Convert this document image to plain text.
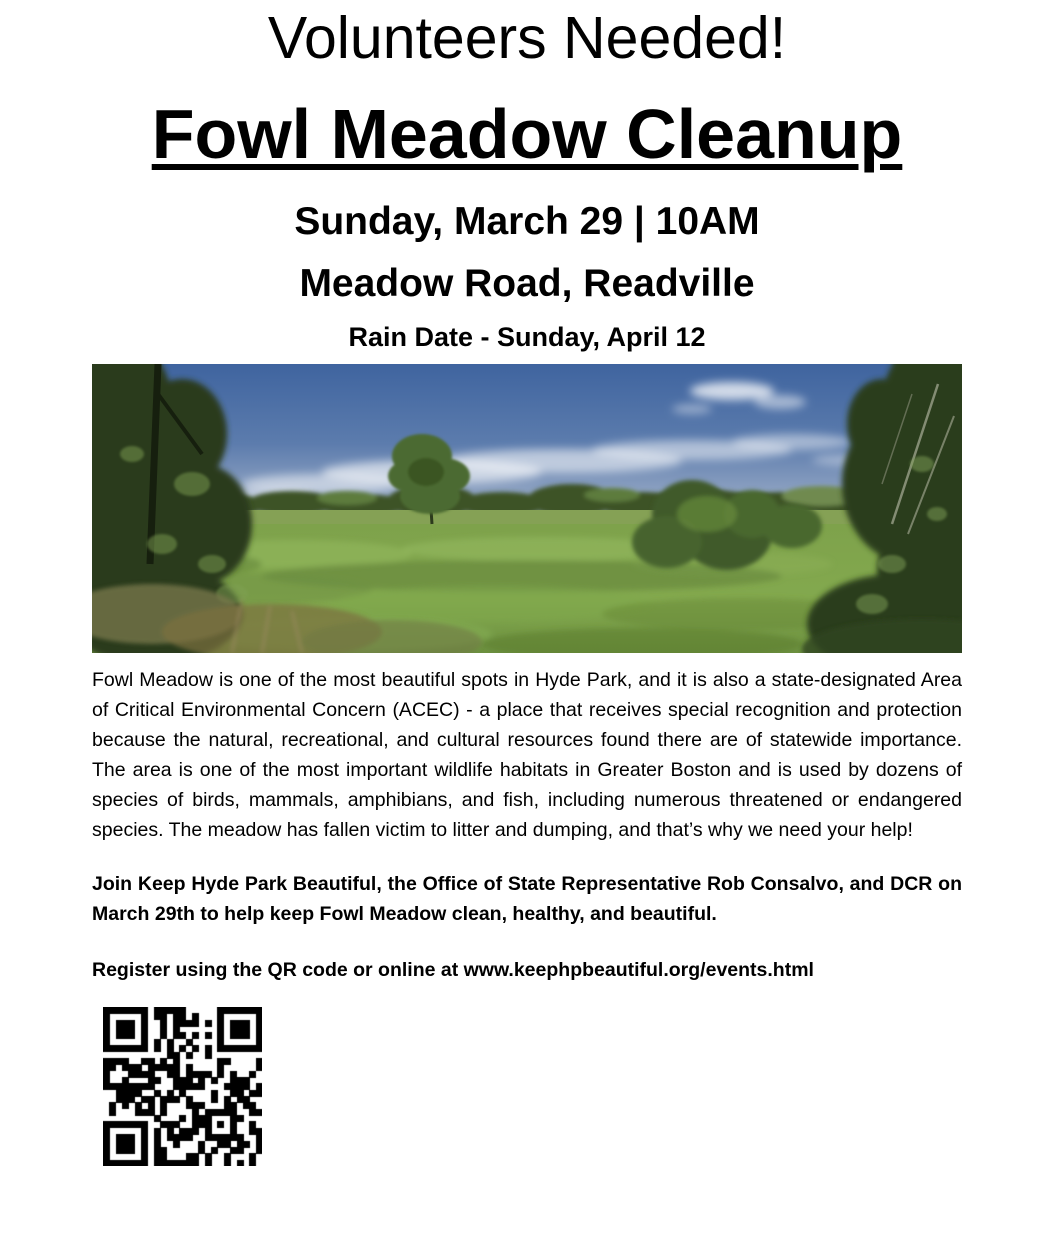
Volunteers Needed!
Fowl Meadow Cleanup
Sunday, March 29 | 10AM
Meadow Road, Readville
Rain Date - Sunday, April 12

Fowl Meadow is one of the most beautiful spots in Hyde Park, and it is also a state-designated Area of Critical Environmental Concern (ACEC) - a place that receives special recognition and protection because the natural, recreational, and cultural resources found there are of statewide importance. The area is one of the most important wildlife habitats in Greater Boston and is used by dozens of species of birds, mammals, amphibians, and fish, including numerous threatened or endangered species. The meadow has fallen victim to litter and dumping, and that’s why we need your help!

Join Keep Hyde Park Beautiful, the Office of State Representative Rob Consalvo, and DCR on March 29th to help keep Fowl Meadow clean, healthy, and beautiful.

Register using the QR code or online at www.keephpbeautiful.org/events.html
